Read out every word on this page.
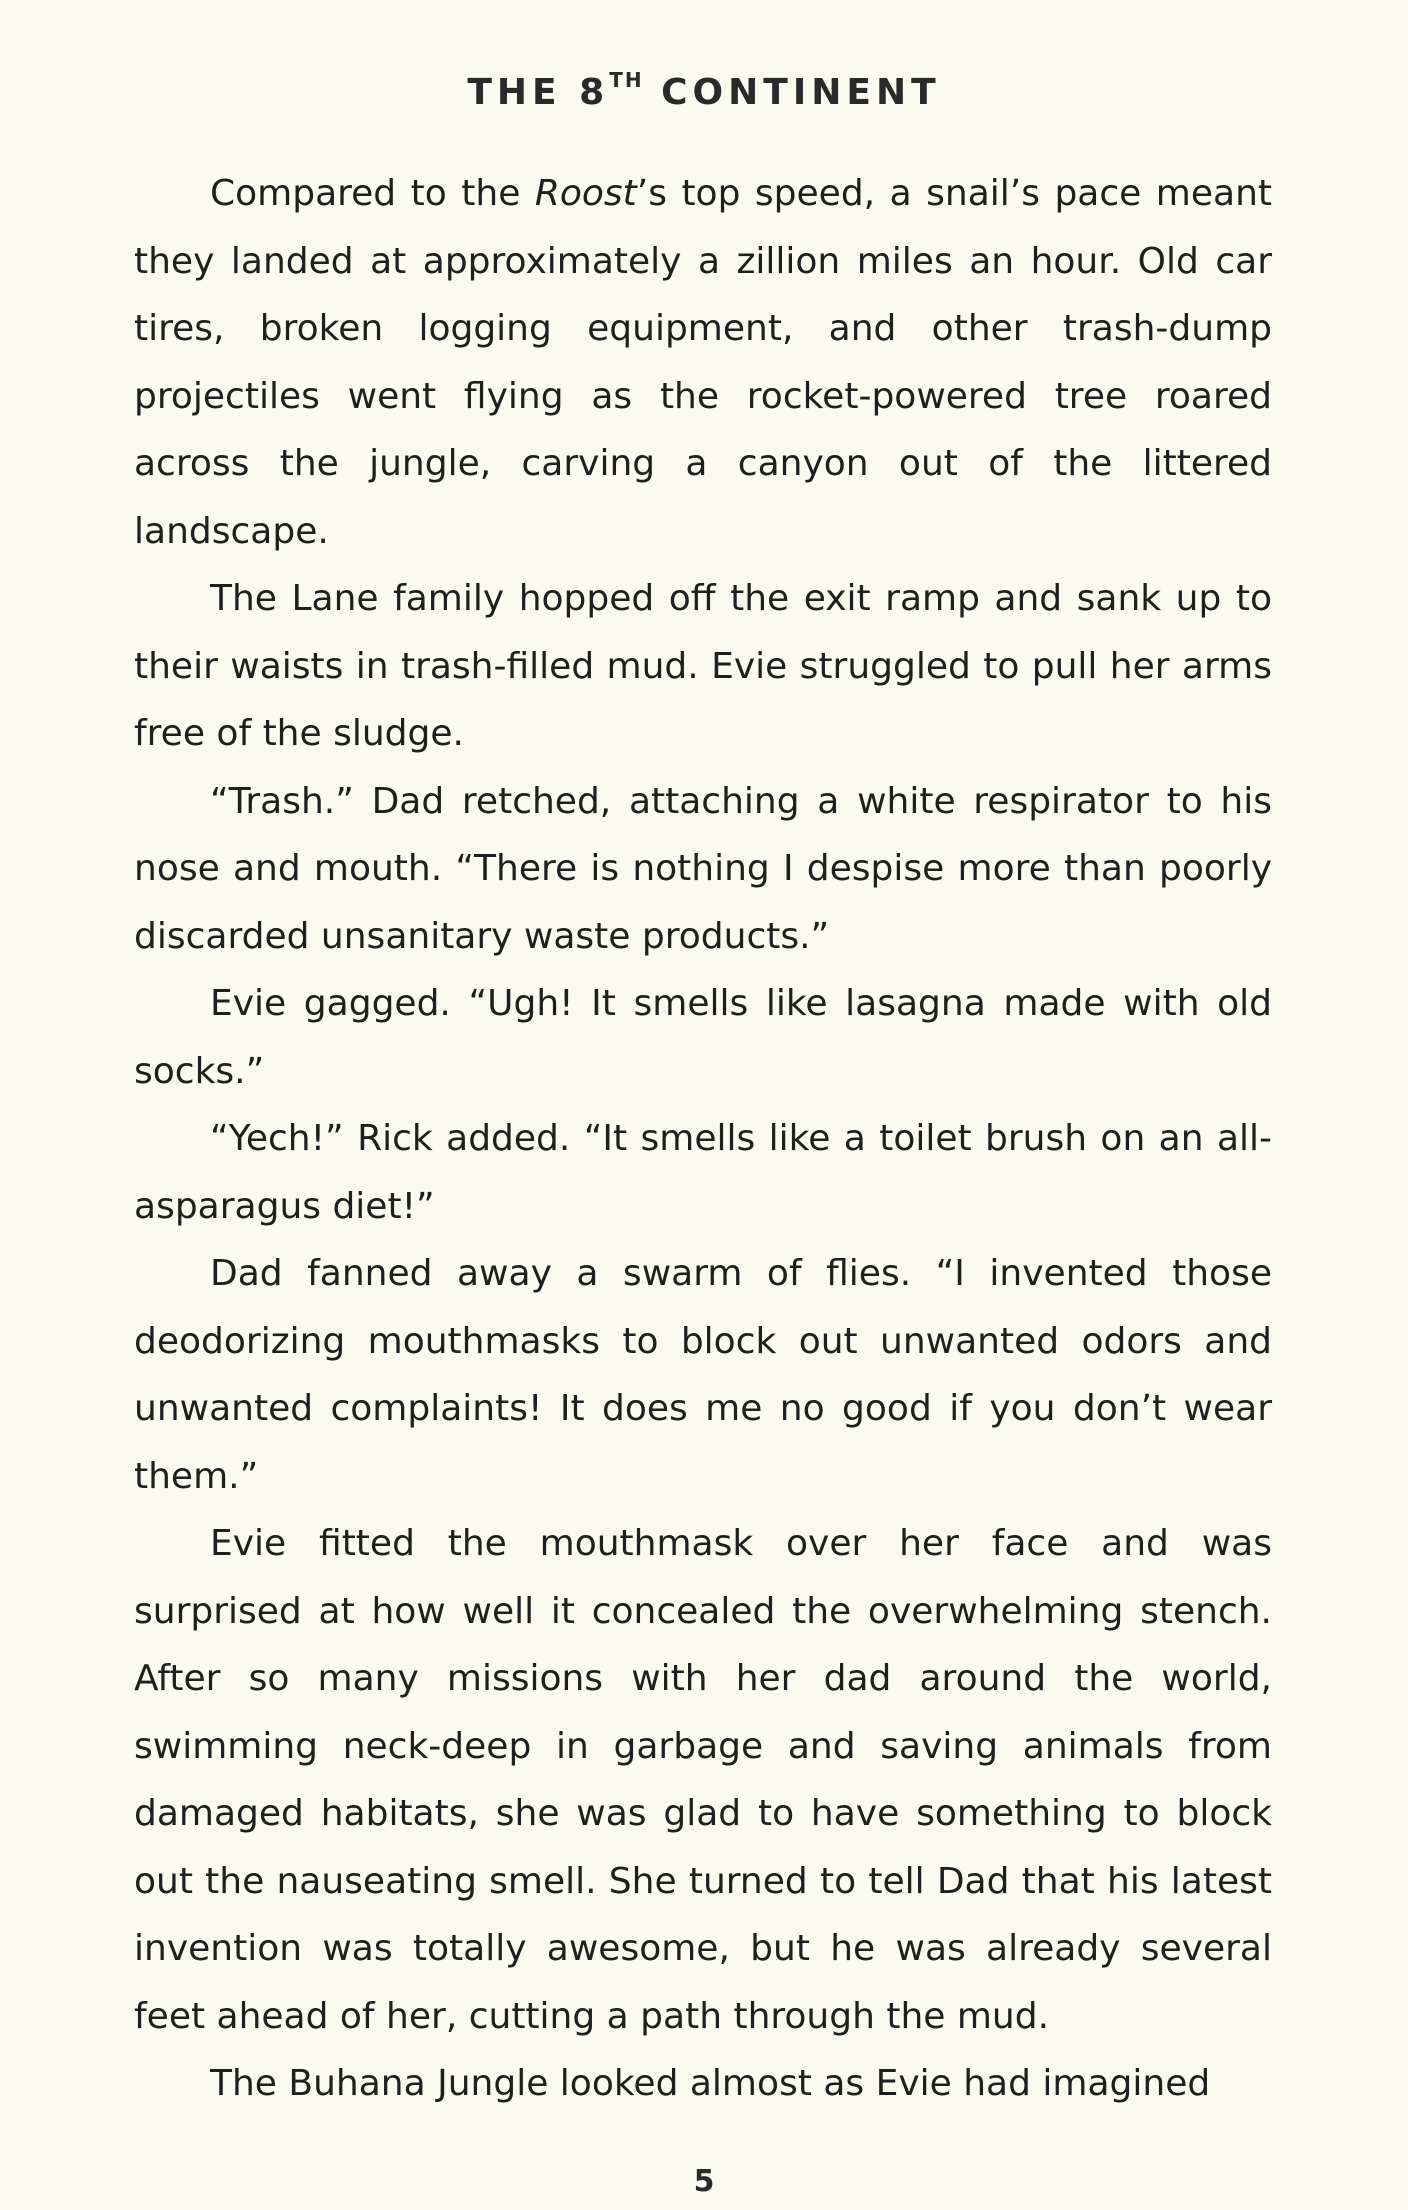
THE 8TH CONTINENT

Compared to the Roost’s top speed, a snail’s pace meant they landed at approximately a zillion miles an hour. Old car tires, broken logging equipment, and other trash-dump projectiles went flying as the rocket-powered tree roared across the jungle, carving a canyon out of the littered landscape.

The Lane family hopped off the exit ramp and sank up to their waists in trash-filled mud. Evie struggled to pull her arms free of the sludge.

“Trash.” Dad retched, attaching a white respirator to his nose and mouth. “There is nothing I despise more than poorly discarded unsanitary waste products.”

Evie gagged. “Ugh! It smells like lasagna made with old socks.”

“Yech!” Rick added. “It smells like a toilet brush on an all-asparagus diet!”

Dad fanned away a swarm of flies. “I invented those deodorizing mouthmasks to block out unwanted odors and unwanted complaints! It does me no good if you don’t wear them.”

Evie fitted the mouthmask over her face and was surprised at how well it concealed the overwhelming stench. After so many missions with her dad around the world, swimming neck-deep in garbage and saving animals from damaged habitats, she was glad to have something to block out the nauseating smell. She turned to tell Dad that his latest invention was totally awesome, but he was already several feet ahead of her, cutting a path through the mud.

The Buhana Jungle looked almost as Evie had imagined

5
